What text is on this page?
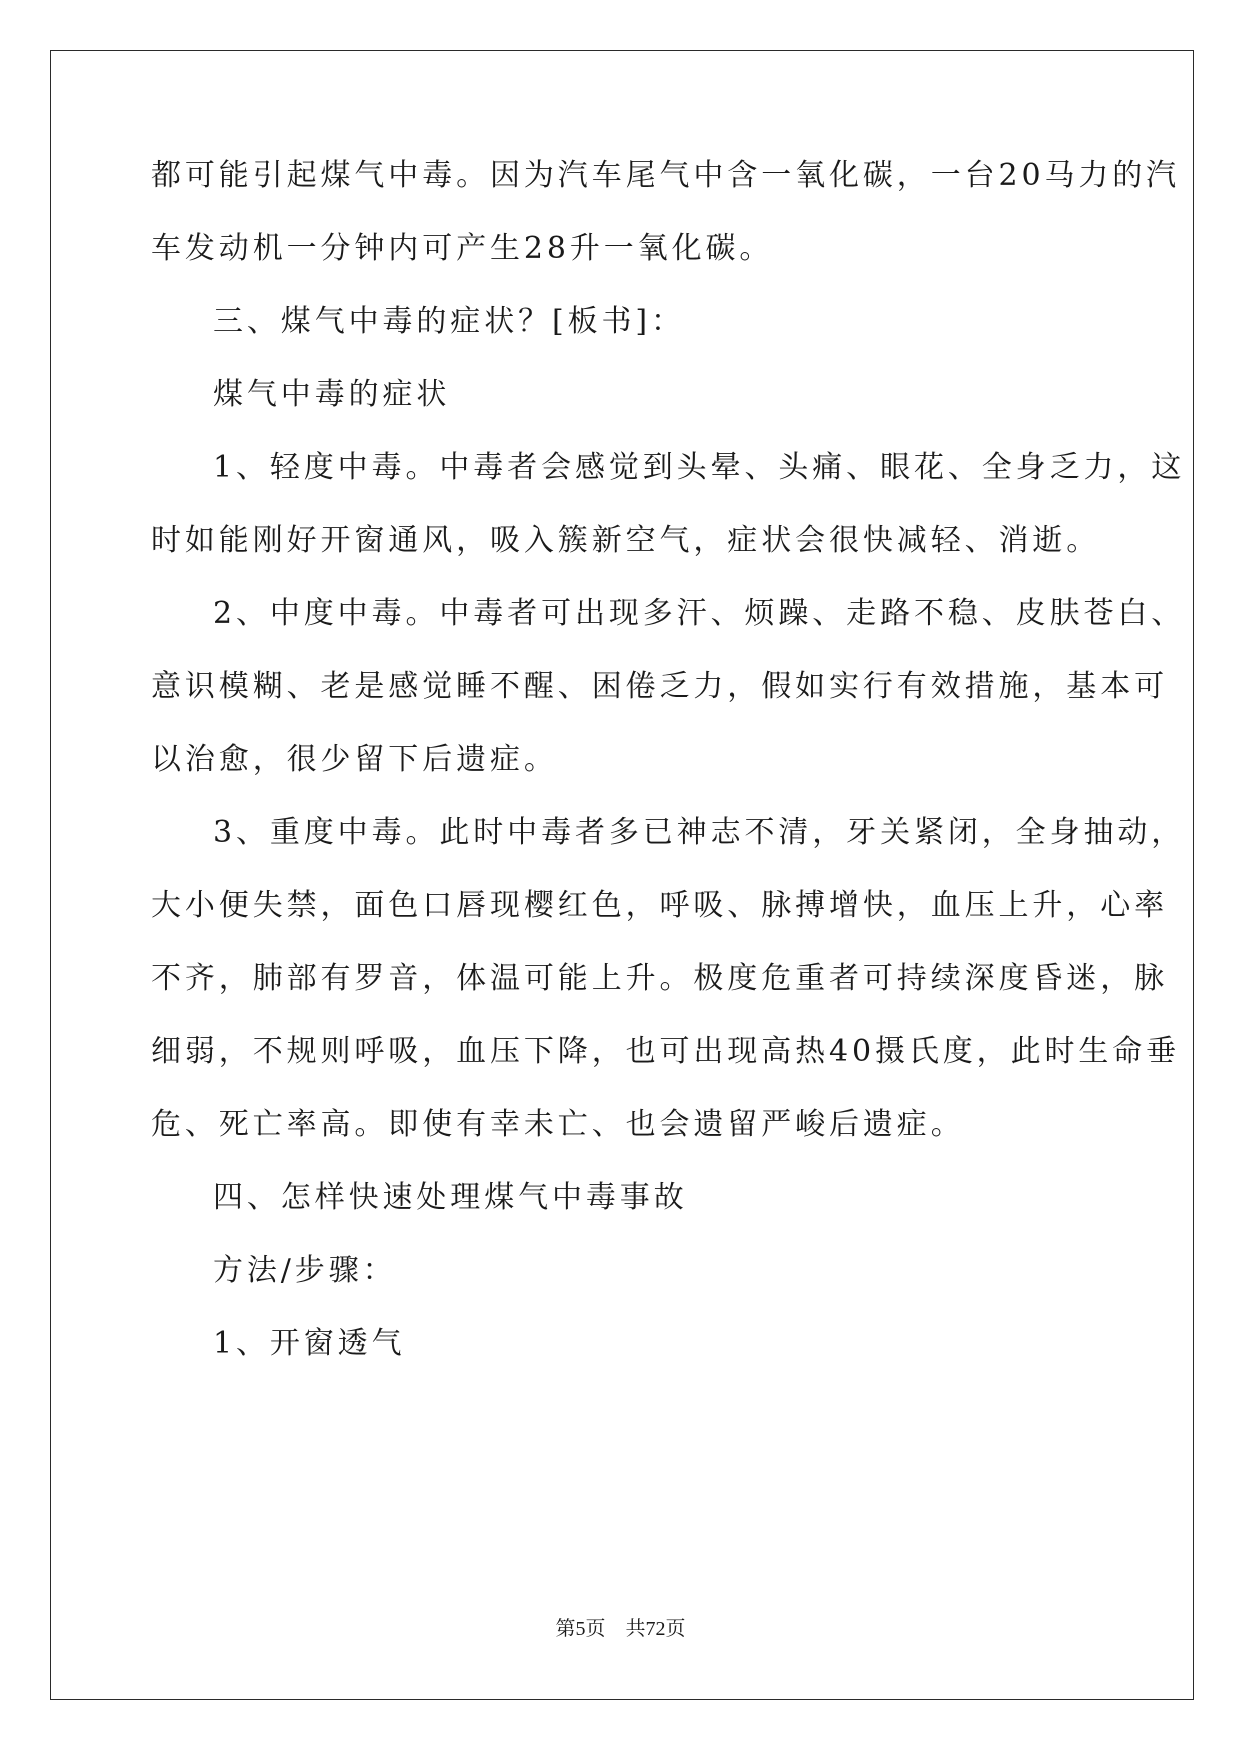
都可能引起煤气中毒。因为汽车尾气中含一氧化碳，一台20马力的汽
车发动机一分钟内可产生28升一氧化碳。
三、煤气中毒的症状？[板书]：
煤气中毒的症状
1、轻度中毒。中毒者会感觉到头晕、头痛、眼花、全身乏力，这
时如能刚好开窗通风，吸入簇新空气，症状会很快减轻、消逝。
2、中度中毒。中毒者可出现多汗、烦躁、走路不稳、皮肤苍白、
意识模糊、老是感觉睡不醒、困倦乏力，假如实行有效措施，基本可
以治愈，很少留下后遗症。
3、重度中毒。此时中毒者多已神志不清，牙关紧闭，全身抽动，
大小便失禁，面色口唇现樱红色，呼吸、脉搏增快，血压上升，心率
不齐，肺部有罗音，体温可能上升。极度危重者可持续深度昏迷，脉
细弱，不规则呼吸，血压下降，也可出现高热40摄氏度，此时生命垂
危、死亡率高。即使有幸未亡、也会遗留严峻后遗症。
四、怎样快速处理煤气中毒事故
方法/步骤：
1、开窗透气
第5页 共72页
